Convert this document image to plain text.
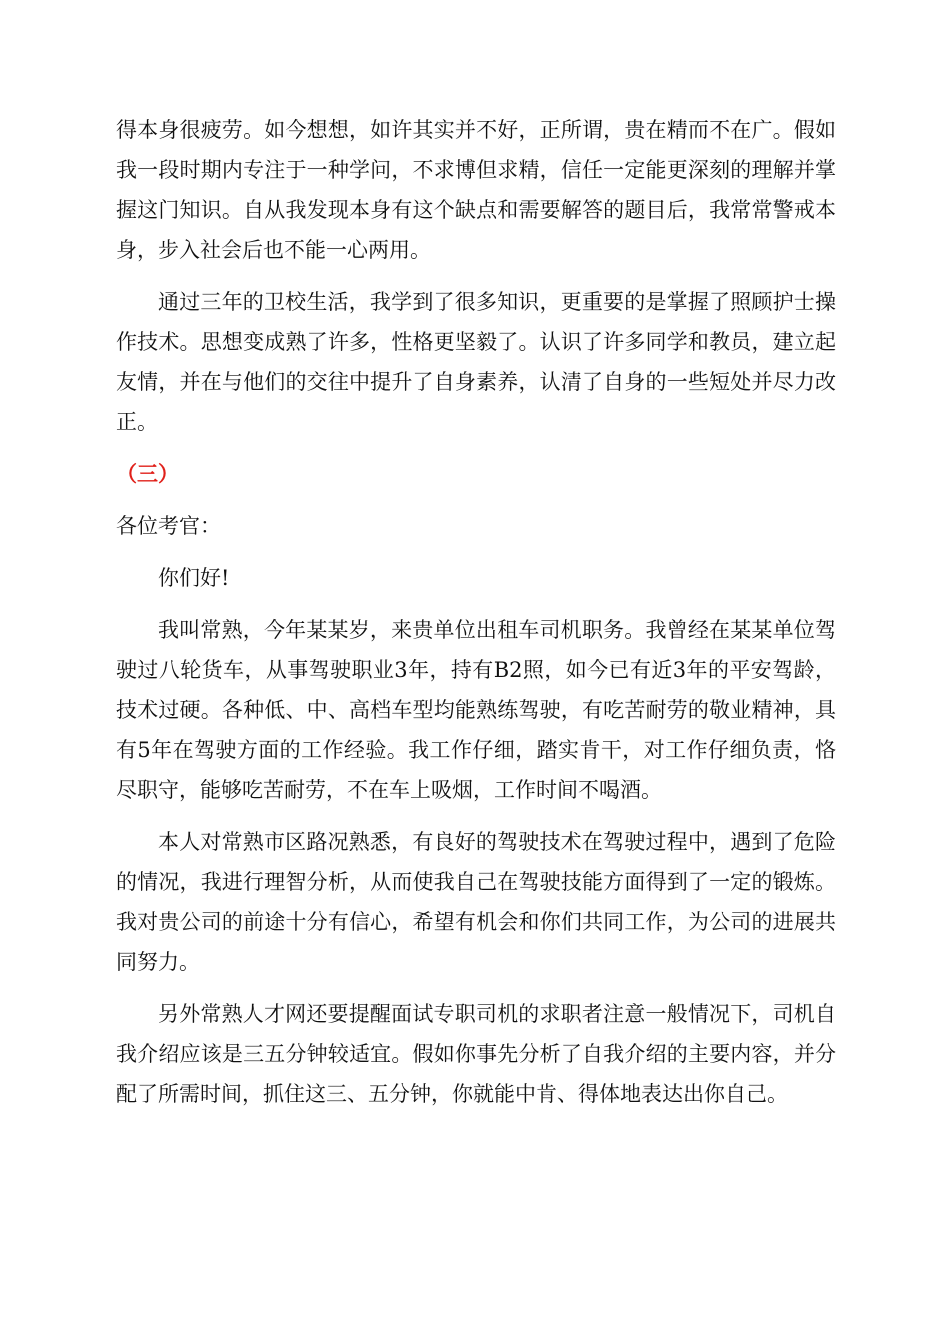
得本身很疲劳。如今想想，如许其实并不好，正所谓，贵在精而不在广。假如我一段时期内专注于一种学问，不求博但求精，信任一定能更深刻的理解并掌握这门知识。自从我发现本身有这个缺点和需要解答的题目后，我常常警戒本身，步入社会后也不能一心两用。

通过三年的卫校生活，我学到了很多知识，更重要的是掌握了照顾护士操作技术。思想变成熟了许多，性格更坚毅了。认识了许多同学和教员，建立起友情，并在与他们的交往中提升了自身素养，认清了自身的一些短处并尽力改正。

（三）
各位考官：

你们好!

我叫常熟，今年某某岁，来贵单位出租车司机职务。我曾经在某某单位驾驶过八轮货车，从事驾驶职业3年，持有B2照，如今已有近3年的平安驾龄，技术过硬。各种低、中、高档车型均能熟练驾驶，有吃苦耐劳的敬业精神，具有5年在驾驶方面的工作经验。我工作仔细，踏实肯干，对工作仔细负责，恪尽职守，能够吃苦耐劳，不在车上吸烟，工作时间不喝酒。

本人对常熟市区路况熟悉，有良好的驾驶技术在驾驶过程中，遇到了危险的情况，我进行理智分析，从而使我自己在驾驶技能方面得到了一定的锻炼。我对贵公司的前途十分有信心，希望有机会和你们共同工作，为公司的进展共同努力。

另外常熟人才网还要提醒面试专职司机的求职者注意一般情况下，司机自我介绍应该是三五分钟较适宜。假如你事先分析了自我介绍的主要内容，并分配了所需时间，抓住这三、五分钟，你就能中肯、得体地表达出你自己。
